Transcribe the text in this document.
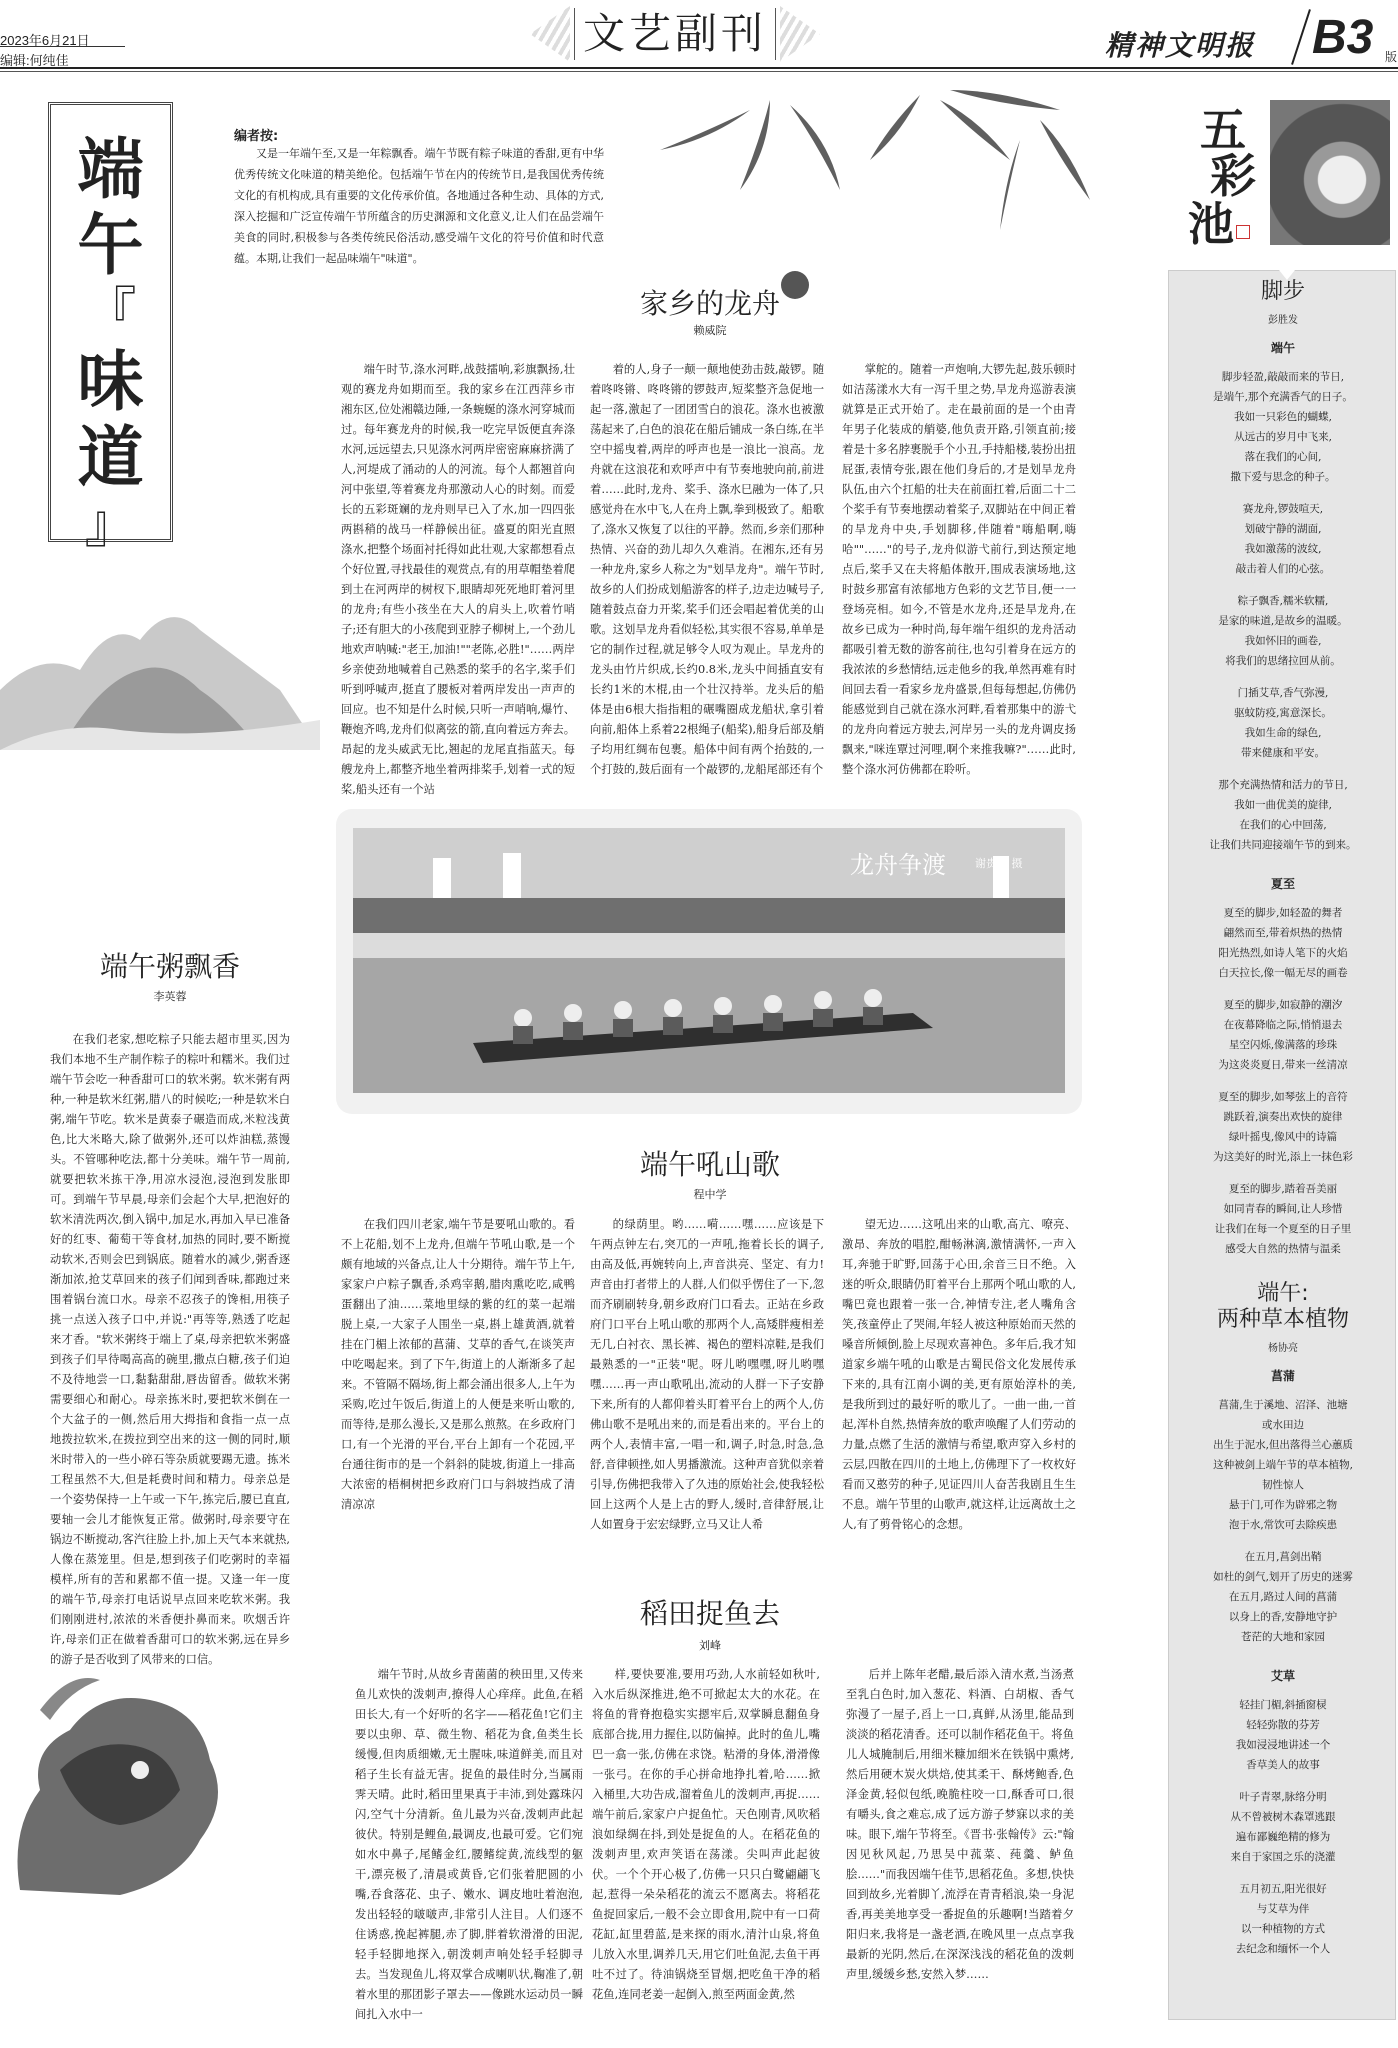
2023年6月21日
编辑:何纯佳
文艺副刊	精神文明报 B3 版
端
午
『
味
道
』
编者按:
又是一年端午至,又是一年粽飘香。端午节既有粽子味道的香甜,更有中华优秀传统文化味道的精美绝伦。包括端午节在内的传统节日,是我国优秀传统文化的有机构成,具有重要的文化传承价值。各地通过各种生动、具体的方式,深入挖掘和广泛宣传端午节所蕴含的历史渊源和文化意义,让人们在品尝端午美食的同时,积极参与各类传统民俗活动,感受端午文化的符号价值和时代意蕴。本期,让我们一起品味端午"味道"。
家乡的龙舟
赖威院

端午时节,涤水河畔,战鼓擂响,彩旗飘扬,壮观的赛龙舟如期而至。我的家乡在江西萍乡市湘东区,位处湘赣边陲,一条蜿蜒的涤水河穿城而过。每年赛龙舟的时候,我一吃完早饭便直奔涤水河,远远望去,只见涤水河两岸密密麻麻挤满了人,河堤成了涌动的人的河流。每个人都翘首向河中张望,等着赛龙舟那激动人心的时刻。而爱长的五彩斑斓的龙舟则早已入了水,加一四四张两斟稍的战马一样静候出征。盛夏的阳光直照涤水,把整个场面衬托得如此壮观,大家都想看点个好位置,寻找最佳的观赏点,有的用草帽垫着爬到土在河两岸的树杈下,眼睛却死死地盯着河里的龙舟;有些小孩坐在大人的肩头上,吹着竹哨子;还有胆大的小孩爬到亚脖子柳树上,一个劲儿地欢声呐喊:"老王,加油!""老陈,必胜!"……两岸乡亲使劲地喊着自己熟悉的桨手的名字,桨手们听到呼喊声,挺直了腰板对着两岸发出一声声的回应。也不知是什么时候,只听一声哨响,爆竹、鞭炮齐鸣,龙舟们似离弦的箭,直向着远方奔去。昂起的龙头威武无比,翘起的龙尾直指蓝天。每艘龙舟上,都整齐地坐着两排桨手,划着一式的短桨,船头还有一个站

着的人,身子一颠一颠地使劲击鼓,敲锣。随着咚咚锵、咚咚锵的锣鼓声,短桨整齐急促地一起一落,激起了一团团雪白的浪花。涤水也被激荡起来了,白色的浪花在船后铺成一条白练,在半空中摇曳着,两岸的呼声也是一浪比一浪高。龙舟就在这浪花和欢呼声中有节奏地驶向前,前进着……此时,龙舟、桨手、涤水巳融为一体了,只感觉舟在水中飞,人在舟上飘,拳到极致了。船歌了,涤水又恢复了以往的平静。然而,乡亲们那种热情、兴奋的劲儿却久久难消。在湘东,还有另一种龙舟,家乡人称之为"划旱龙舟"。端午节时,故乡的人们扮成划船游客的样子,边走边喊号子,随着鼓点奋力开桨,桨手们还会唱起着优美的山歌。这划旱龙舟看似轻松,其实很不容易,单单是它的制作过程,就足够令人叹为观止。旱龙舟的龙头由竹片织成,长约0.8米,龙头中间插直安有长约1米的木棍,由一个壮汉持举。龙头后的船体是由6根大指指粗的碾嘴圈成龙船状,拿引着向前,船体上系着22根绳子(船桨),船身后部及艄子均用红绸布包裹。船体中间有两个抬鼓的,一个打鼓的,鼓后面有一个敲锣的,龙船尾部还有个

掌舵的。随着一声炮响,大锣先起,鼓乐顿时如洁荡漾水大有一泻千里之势,旱龙舟巡游表演就算是正式开始了。走在最前面的是一个由青年男子化装成的艄婆,他负责开路,引领直前;接着是十多名脖裹脱手个小丑,手持船楼,装扮出扭屁蛋,表情夸张,跟在他们身后的,才是划旱龙舟队伍,由六个扛船的壮夫在前面扛着,后面二十二个桨手有节奏地摆动着桨子,双脚站在中间正着的旱龙舟中央,手划脚移,伴随着"嗨船啊,嗨哈""……"的号子,龙舟似游弋前行,到达预定地点后,桨手又在夫将船体散开,围成表演场地,这时鼓乡那富有浓郁地方色彩的文艺节目,便一一登场亮相。如今,不管是水龙舟,还是旱龙舟,在故乡已成为一种时尚,每年端午组织的龙舟活动都吸引着无数的游客前往,也勾引着身在远方的我浓浓的乡愁情结,远走他乡的我,单然再难有时间回去看一看家乡龙舟盛景,但每每想起,仿佛仍能感觉到自己就在涤水河畔,看着那集中的游弋的龙舟向着远方驶去,河岸另一头的龙舟调皮扬飘来,"咪连覃过河哩,啊个来推我嘛?"……此时,整个涤水河仿佛都在聆听。

龙舟争渡	谢贵明 摄
端午粥飘香
李英蓉

在我们老家,想吃粽子只能去超市里买,因为我们本地不生产制作粽子的粽叶和糯米。我们过端午节会吃一种香甜可口的软米粥。软米粥有两种,一种是软米红粥,腊八的时候吃;一种是软米白粥,端午节吃。软米是黄泰子碾造而成,米粒浅黄色,比大米略大,除了做粥外,还可以炸油糕,蒸馒头。不管哪种吃法,都十分美味。端午节一周前,就要把软米拣干净,用凉水浸泡,浸泡到发胀即可。到端午节早晨,母亲们会起个大早,把泡好的软米清洗两次,倒入锅中,加足水,再加入早已准备好的红枣、葡萄干等食材,加热的同时,要不断搅动软米,否则会巴到锅底。随着水的减少,粥香逐渐加浓,抢艾草回来的孩子们闻到香味,都跑过来围着锅台流口水。母亲不忍孩子的馋相,用筷子挑一点送入孩子口中,并说:"再等等,熟透了吃起来才香。"软米粥终于端上了桌,母亲把软米粥盛到孩子们早待喝高高的碗里,撒点白糖,孩子们迫不及待地尝一口,黏黏甜甜,唇齿留香。做软米粥需要细心和耐心。母亲拣米时,要把软米倒在一个大盆子的一侧,然后用大拇指和食指一点一点地拨拉软米,在拨拉到空出来的这一侧的同时,顺米时带入的一些小碎石等杂质就要踢无遗。拣米工程虽然不大,但是耗费时间和精力。母亲总是一个姿势保持一上午或一下午,拣完后,腰已直直,要轴一会儿才能恢复正常。做粥时,母亲要守在锅边不断搅动,客汽往脸上扑,加上天气本来就热,人像在蒸笼里。但是,想到孩子们吃粥时的幸福模样,所有的苦和累都不值一提。又逢一年一度的端午节,母亲打电话说早点回来吃软米粥。我们刚刚进村,浓浓的米香便扑鼻而来。吹烟舌许许,母亲们正在做着香甜可口的软米粥,远在异乡的游子是否收到了风带来的口信。

端午吼山歌
程中学

在我们四川老家,端午节是要吼山歌的。看不上花船,划不上龙舟,但端午节吼山歌,是一个颇有地域的兴备点,让人十分期待。端午节上午,家家户户粽子飘香,杀鸡宰鹅,腊肉熏吃吃,咸鸭蛋翻出了油……菜地里绿的紫的红的菜一起端脱上桌,一大家子人围坐一桌,斟上雄黄酒,就着挂在门楣上浓郁的菖蒲、艾草的香气,在谈笑声中吃喝起来。到了下午,街道上的人渐渐多了起来。不管隔不隔场,街上都会涌出很多人,上午为采购,吃过午饭后,街道上的人便是来听山歌的,而等待,是那么漫长,又是那么煎熬。在乡政府门口,有一个光滑的平台,平台上卸有一个花园,平台通往街市的是一个斜斜的陡坡,街道上一排高大浓密的梧桐树把乡政府门口与斜坡挡成了清清凉凉

的绿荫里。哟……嗬……嘿……应该是下午两点钟左右,突兀的一声吼,拖着长长的调子,由高及低,再婉转向上,声音洪亮、坚定、有力!声音由打者带上的人群,人们似乎愣住了一下,忽而齐刷刷转身,朝乡政府门口看去。正站在乡政府门口平台上吼山歌的那两个人,高矮胖瘦相差无几,白衬衣、黑长裤、褐色的塑料凉鞋,是我们最熟悉的一"正装"呢。呀儿哟嘿嘿,呀儿哟嘿嘿……再一声山歌吼出,流动的人群一下子安静下来,所有的人都仰着头盯着平台上的两个人,仿佛山歌不是吼出来的,而是看出来的。平台上的两个人,表情丰富,一唱一和,调子,时急,时急,急舒,音律顿挫,如人男播激流。这种声音犹似亲着引导,伤佛把我带入了久违的原始社会,使我轻松回上这两个人是上古的野人,缓时,音律舒展,让人如置身于宏宏绿野,立马又让人希

望无边……这吼出来的山歌,高亢、嘹亮、激昂、奔放的唱腔,酣畅淋漓,激情满怀,一声入耳,奔驰于旷野,回荡于心田,余音三日不绝。入迷的听众,眼睛仍盯着平台上那两个吼山歌的人,嘴巴竟也跟着一张一合,神情专注,老人嘴角含笑,孩童停止了哭闹,年轻人被这种原始而天然的嗓音所倾倒,脸上尽现欢喜神色。多年后,我才知道家乡端午吼的山歌是古蜀民俗文化发展传承下来的,具有江南小调的美,更有原始淳朴的美,是我所到过的最好听的歌儿了。一曲一曲,一首起,浑朴自然,热情奔放的歌声唤醒了人们劳动的力量,点燃了生活的激情与希望,歌声穿入乡村的云层,四散在四川的土地上,仿佛理下了一枚枚好看而又憨劳的种子,见证四川人奋苦我剧且生生不息。端午节里的山歌声,就这样,让远离故土之人,有了剪骨铭心的念想。

稻田捉鱼去
刘峰

端午节时,从故乡青菌菌的秧田里,又传来鱼儿欢快的泼刺声,撩得人心痒痒。此鱼,在稻田长大,有一个好听的名字——稻花鱼!它们主要以虫卵、草、微生物、稻花为食,鱼类生长缓慢,但肉质细嫩,无土腥味,味道鲜美,而且对稻子生长有益无害。捉鱼的最佳时分,当属雨霁天晴。此时,稻田里果真于丰沛,到处露珠闪闪,空气十分清新。鱼儿最为兴奋,泼刺声此起彼伏。特别是鲤鱼,最调皮,也最可爱。它们宛如水中鼻子,尾鳍金红,腰鳍绽黄,流线型的躯干,漂亮极了,清晨或黄昏,它们张着肥圆的小嘴,吞食落花、虫子、嫩水、调皮地吐着泡泡,发出轻轻的啵啵声,非常引人注目。人们逐不住诱惑,挽起裤腿,赤了脚,胖着软滑滑的田泥,轻手轻脚地探入,朝泼刺声响处轻手轻脚寻去。当发现鱼儿,将双掌合成喇叭状,鞠准了,朝着水里的那团影子罩去——像跳水运动员一瞬间扎入水中一

样,要快要准,要用巧劲,人水前轻如秋叶,入水后纵深推进,绝不可掀起太大的水花。在将鱼的背脊抱稳实实摁牢后,双掌瞬息翻鱼身底部合拢,用力握住,以防偏掉。此时的鱼儿,嘴巴一翕一张,仿佛在求饶。粘滑的身体,滑滑像一张弓。在你的手心拼命地挣扎着,哈……掀入桶里,大功告成,溜着鱼儿的泼刺声,再捉……端午前后,家家户户捉鱼忙。天色刚青,风吹稻浪如绿绸在抖,到处是捉鱼的人。在稻花鱼的泼刺声里,欢声笑语在荡漾。尖叫声此起彼伏。一个个开心极了,仿佛一只只白鹭翩翩飞起,惹得一朵朵稻花的流云不愿离去。将稻花鱼捉回家后,一般不会立即食用,院中有一口荷花缸,缸里碧蓝,是来探的雨水,清汁山泉,将鱼儿放入水里,调养几天,用它们吐鱼泥,去鱼干再吐不过了。待油锅烧至冒烟,把吃鱼干净的稻花鱼,连同老姜一起倒入,煎至两面金黄,然

后并上陈年老醋,最后添入清水煮,当汤煮至乳白色时,加入葱花、料酒、白胡椒、香气弥漫了一屋子,舀上一口,真鲜,从汤里,能品到淡淡的稻花清香。还可以制作稻花鱼干。将鱼儿人城腌制后,用细米糠加细米在铁锅中熏烤,然后用硬木炭火烘焙,使其柔干、酥烤鲍香,色泽金黄,轻似包纸,晚脆柱咬一口,酥香可口,很有嚼头,食之难忘,成了远方游子梦寐以求的美味。眼下,端午节将至。《晋书·张翰传》云:"翰因见秋风起,乃思吴中菰菜、莼羹、鲈鱼脍……"而我因端午佳节,思稻花鱼。多想,快快回到故乡,光着脚丫,流浮在青青稻浪,染一身泥香,再美美地享受一番捉鱼的乐趣啊!当踏着夕阳归来,我将是一盏老酒,在晚风里一点点享我最新的光阴,然后,在深深浅浅的稻花鱼的泼刺声里,缓缓乡愁,安然入梦……

五
彩
池
脚步
彭胜发
端午
脚步轻盈,敲敲而来的节日,
是端午,那个充满香气的日子。
我如一只彩色的蝴蝶,
从远古的岁月中飞来,
落在我们的心间,
撒下爱与思念的种子。
赛龙舟,锣鼓喧天,
划破宁静的湖面,
我如激荡的波纹,
敲击着人们的心弦。
粽子飘香,糯米软糯,
是家的味道,是故乡的温暖。
我如怀旧的画卷,
将我们的思绪拉回从前。
门插艾草,香气弥漫,
驱蚊防疫,寓意深长。
我如生命的绿色,
带来健康和平安。
那个充满热情和活力的节日,
我如一曲优美的旋律,
在我们的心中回荡,
让我们共同迎接端午节的到来。
夏至
夏至的脚步,如轻盈的舞者
翩然而至,带着炽热的热情
阳光热烈,如诗人笔下的火焰
白天拉长,像一幅无尽的画卷
夏至的脚步,如寂静的潮汐
在夜幕降临之际,悄悄退去
星空闪烁,像满落的珍珠
为这炎炎夏日,带来一丝清凉
夏至的脚步,如琴弦上的音符
跳跃着,演奏出欢快的旋律
绿叶摇曳,像风中的诗篇
为这美好的时光,添上一抹色彩
夏至的脚步,踏着吾美丽
如同青春的瞬间,让人珍惜
让我们在每一个夏至的日子里
感受大自然的热情与温柔
端午:
两种草本植物
杨协亮
菖蒲
菖蒲,生于溪地、沼泽、池塘
或水田边
出生于泥水,但出落得兰心蕙质
这种被剑上端午节的草本植物,
韧性惊人
悬于门,可作为辟邪之物
泡于水,常饮可去除疾患
在五月,菖剑出鞘
如杜的剑气,划开了历史的迷雾
在五月,路过人间的菖蒲
以身上的香,安静地守护
苍茫的大地和家园
艾草
轻挂门楣,斜插窗棂
轻轻弥散的芬芳
我如浸浸地讲述一个
香草美人的故事
叶子青翠,脉络分明
从不曾被树木森罩逃跟
遍布鄙巍绝精的修为
来自于家国之乐的浇灌
五月初五,阳光很好
与艾草为伴
以一种植物的方式
去纪念和缅怀一个人
